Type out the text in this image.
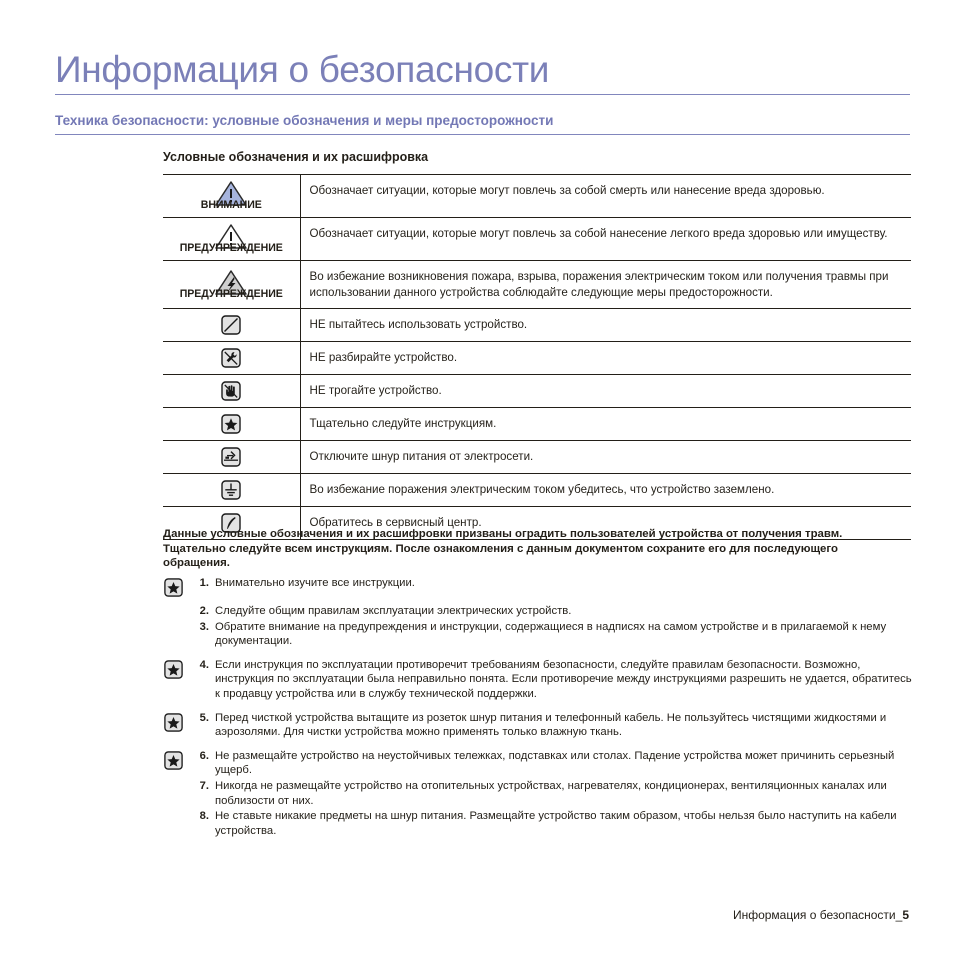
Информация о безопасности
Техника безопасности: условные обозначения и меры предосторожности
Условные обозначения и их расшифровка
ВНИМАНИЕ	Обозначает ситуации, которые могут повлечь за собой смерть или нанесение вреда здоровью.

ПРЕДУПРЕЖДЕНИЕ	Обозначает ситуации, которые могут повлечь за собой нанесение легкого вреда здоровью или имуществу.

ПРЕДУПРЕЖДЕНИЕ	Во избежание возникновения пожара, взрыва, поражения электрическим током или получения травмы при использовании данного устройства соблюдайте следующие меры предосторожности.

	НЕ пытайтесь использовать устройство.

	НЕ разбирайте устройство.

	НЕ трогайте устройство.

	Тщательно следуйте инструкциям.

	Отключите шнур питания от электросети.

	Во избежание поражения электрическим током убедитесь, что устройство заземлено.

	Обратитесь в сервисный центр.
Данные условные обозначения и их расшифровки призваны оградить пользователей устройства от получения травм. Тщательно следуйте всем инструкциям. После ознакомления с данным документом сохраните его для последующего обращения.
1. Внимательно изучите все инструкции.
2. Следуйте общим правилам эксплуатации электрических устройств.
3. Обратите внимание на предупреждения и инструкции, содержащиеся в надписях на самом устройстве и в прилагаемой к нему документации.
4. Если инструкция по эксплуатации противоречит требованиям безопасности, следуйте правилам безопасности. Возможно, инструкция по эксплуатации была неправильно понята. Если противоречие между инструкциями разрешить не удается, обратитесь к продавцу устройства или в службу технической поддержки.
5. Перед чисткой устройства вытащите из розеток шнур питания и телефонный кабель. Не пользуйтесь чистящими жидкостями и аэрозолями. Для чистки устройства можно применять только влажную ткань.
6. Не размещайте устройство на неустойчивых тележках, подставках или столах. Падение устройства может причинить серьезный ущерб.
7. Никогда не размещайте устройство на отопительных устройствах, нагревателях, кондиционерах, вентиляционных каналах или поблизости от них.
8. Не ставьте никакие предметы на шнур питания. Размещайте устройство таким образом, чтобы нельзя было наступить на кабели устройства.
Информация о безопасности_5
